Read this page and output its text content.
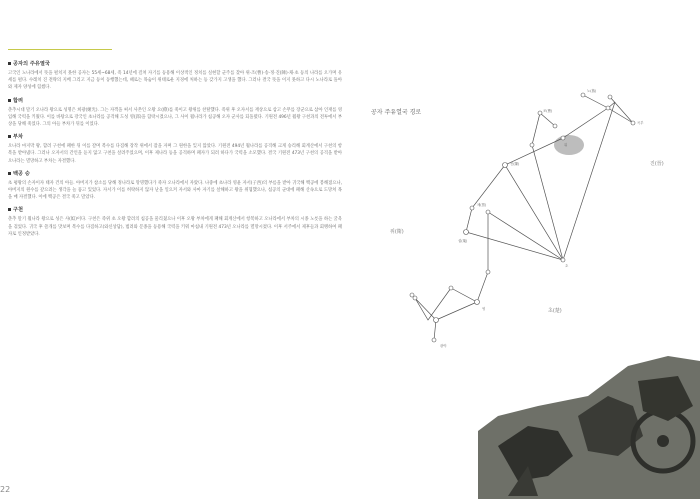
공자의 주유열국
고국인 노나라에서 뜻을 펼치지 못한 공자는 55세~68세, 즉 14년에 걸쳐 자기를 등용해 이상적인 정치를 실현할 군주를 찾아 위·조(曹)·송·정·진(陳)·채·초 등의 나라를 오가며 유세를 펼다. 수레치 진 전략의 지배 그리고 지금 등이 동행했는데, 때로는 목숨이 위태로운 지경에 처하는 등 갖가지 고생을 했다. 그러나 결국 뜻을 이지 못하고 다시 노나라로 돌아와 제자 양성에 힘썼다.
합려
춘추시대 말기 오나라 왕으로 성명은 희광(姬光). 그는 자객을 써서 사촌인 오왕 요(僚)를 죽이고 왕위를 찬탈했다. 즉위 후 오자서를 재상으로 삼고 손무를 장군으로 삼아 인재를 영입해 국력을 키웠다. 이를 바탕으로 강국인 초나라를 공격해 도성 영(郢)을 함락시켰으나, 그 사이 월나라가 침공해 오자 군사를 되돌렸다. 기원전 496년 월왕 구천과의 전투에서 부상을 당해 죽었다. 그의 아들 부차가 뒤를 이었다.
부차
오나라 마지막 왕, 합려 구천에 패한 뒤 이를 갈며 복수를 다짐해 장작 위에서 잠을 자며 그 원한을 잊지 않았다. 기원전 494년 월나라를 공격해 크게 승리해 회계산에서 구천의 항복을 받아냈다. 그러나 오자서의 간언을 듣지 않고 구천을 살려주었으며, 이후 제나라 등을 공격하며 패자가 되려 하다가 국력을 소모했다. 결국 기원전 473년 구천의 공격을 받아 오나라는 멸망하고 부차는 자결했다.
백공 승
초 평왕의 손자이자 태자 건의 아들. 아버지가 참소를 당해 정나라로 망명했다가 죽자 오나라에서 자랐다. 나중에 초나라 영윤 자서(子西)의 부름을 받아 귀국해 백공에 봉해졌으나, 아버지의 원수를 갚으려는 생각을 늘 품고 있었다. 자서가 이를 허락하지 않자 난을 일으켜 자서와 사마 자기를 살해하고 왕을 위협했으나, 섭공의 군대에 패해 산속으로 도망쳐 목을 매 자결했다. 이에 백공은 결국 죽고 말았다.
구천
춘추 말기 월나라 왕으로 성은 사(姒)이다. 구천은 즉위 초 오왕 합려의 침공을 물리쳤으나 이후 오왕 부차에게 패해 회계산에서 항복하고 오나라에서 부차의 시종 노릇을 하는 굴욕을 겪었다. 귀국 후 쓸개를 맛보며 복수를 다짐하고(와신상담), 범려와 문종을 등용해 국력을 키워 마침내 기원전 473년 오나라를 멸망시켰다. 이후 서주에서 제후들과 회맹하여 패자로 인정받았다.
22
공자 주유열국 경로
진(晉)
위(衛)
초(楚)
노(魯)
곡부
위
조(曹)
진(陳)
채(蔡)
섭(葉)
초
영
광야
